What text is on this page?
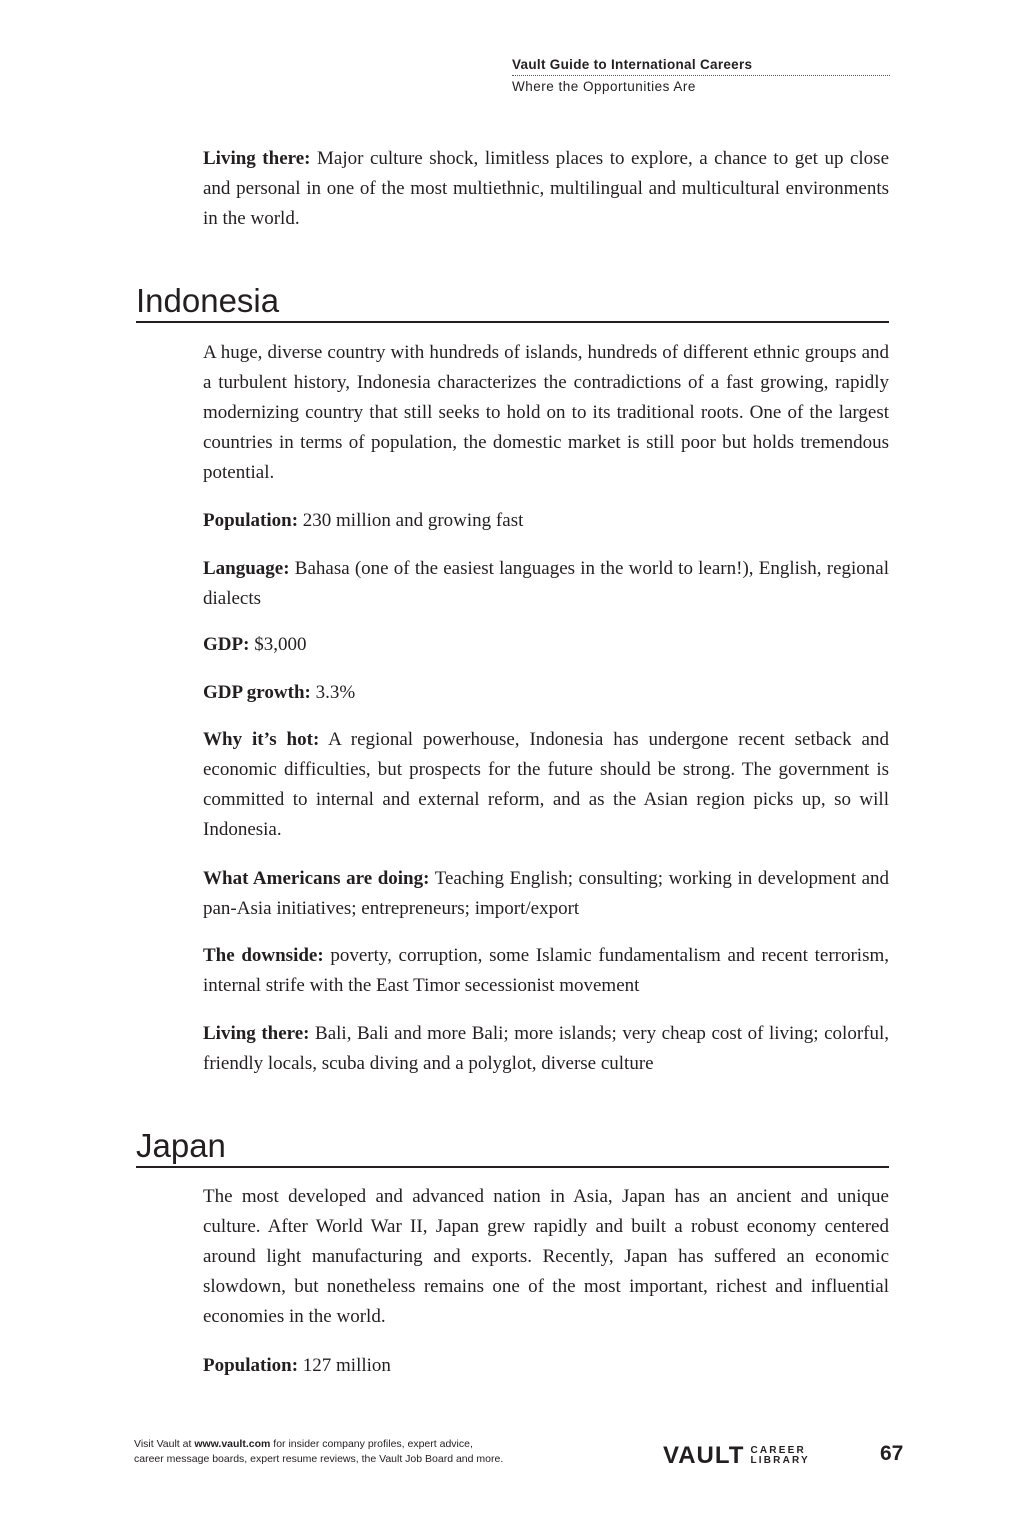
Vault Guide to International Careers
Where the Opportunities Are

Living there: Major culture shock, limitless places to explore, a chance to get up close and personal in one of the most multiethnic, multilingual and multicultural environments in the world.

Indonesia

A huge, diverse country with hundreds of islands, hundreds of different ethnic groups and a turbulent history, Indonesia characterizes the contradictions of a fast growing, rapidly modernizing country that still seeks to hold on to its traditional roots. One of the largest countries in terms of population, the domestic market is still poor but holds tremendous potential.

Population: 230 million and growing fast

Language: Bahasa (one of the easiest languages in the world to learn!), English, regional dialects

GDP: $3,000

GDP growth: 3.3%

Why it’s hot: A regional powerhouse, Indonesia has undergone recent setback and economic difficulties, but prospects for the future should be strong. The government is committed to internal and external reform, and as the Asian region picks up, so will Indonesia.

What Americans are doing: Teaching English; consulting; working in development and pan-Asia initiatives; entrepreneurs; import/export

The downside: poverty, corruption, some Islamic fundamentalism and recent terrorism, internal strife with the East Timor secessionist movement

Living there: Bali, Bali and more Bali; more islands; very cheap cost of living; colorful, friendly locals, scuba diving and a polyglot, diverse culture

Japan

The most developed and advanced nation in Asia, Japan has an ancient and unique culture. After World War II, Japan grew rapidly and built a robust economy centered around light manufacturing and exports. Recently, Japan has suffered an economic slowdown, but nonetheless remains one of the most important, richest and influential economies in the world.

Population: 127 million

Visit Vault at www.vault.com for insider company profiles, expert advice,
career message boards, expert resume reviews, the Vault Job Board and more.	VAULT CAREER
LIBRARY	67
